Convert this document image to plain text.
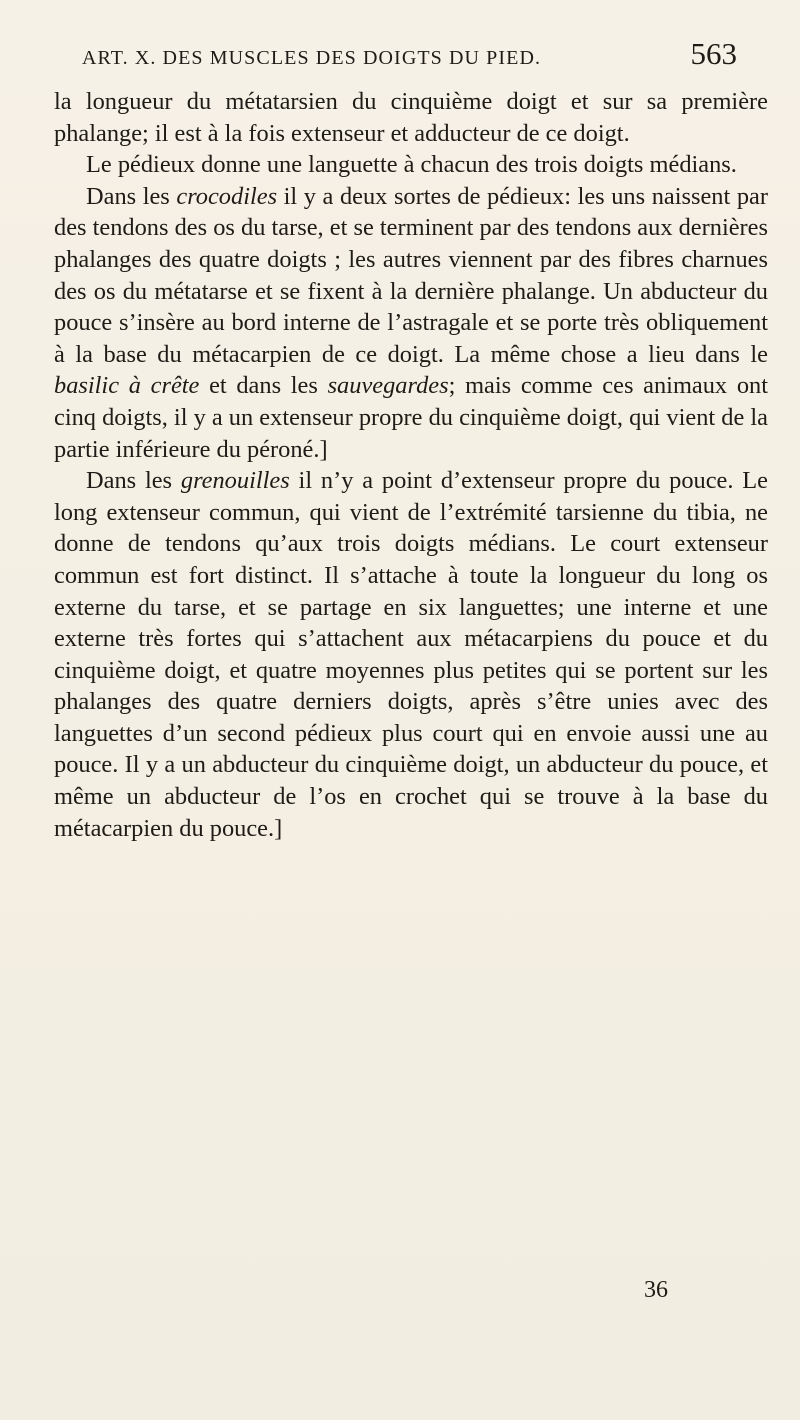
ART. X. DES MUSCLES DES DOIGTS DU PIED.	563

la longueur du métatarsien du cinquième doigt et sur sa première phalange; il est à la fois extenseur et adducteur de ce doigt.

Le pédieux donne une languette à chacun des trois doigts médians.

Dans les crocodiles il y a deux sortes de pédieux: les uns naissent par des tendons des os du tarse, et se terminent par des tendons aux dernières phalanges des quatre doigts ; les autres viennent par des fibres charnues des os du métatarse et se fixent à la dernière phalange. Un abducteur du pouce s’insère au bord interne de l’astragale et se porte très obliquement à la base du métacarpien de ce doigt. La même chose a lieu dans le basilic à crête et dans les sauvegardes; mais comme ces animaux ont cinq doigts, il y a un extenseur propre du cinquième doigt, qui vient de la partie inférieure du péroné.]

Dans les grenouilles il n’y a point d’extenseur propre du pouce. Le long extenseur commun, qui vient de l’extrémité tarsienne du tibia, ne donne de tendons qu’aux trois doigts médians. Le court extenseur commun est fort distinct. Il s’attache à toute la longueur du long os externe du tarse, et se partage en six languettes; une interne et une externe très fortes qui s’attachent aux métacarpiens du pouce et du cinquième doigt, et quatre moyennes plus petites qui se portent sur les phalanges des quatre derniers doigts, après s’être unies avec des languettes d’un second pédieux plus court qui en envoie aussi une au pouce. Il y a un abducteur du cinquième doigt, un abducteur du pouce, et même un abducteur de l’os en crochet qui se trouve à la base du métacarpien du pouce.]

36
